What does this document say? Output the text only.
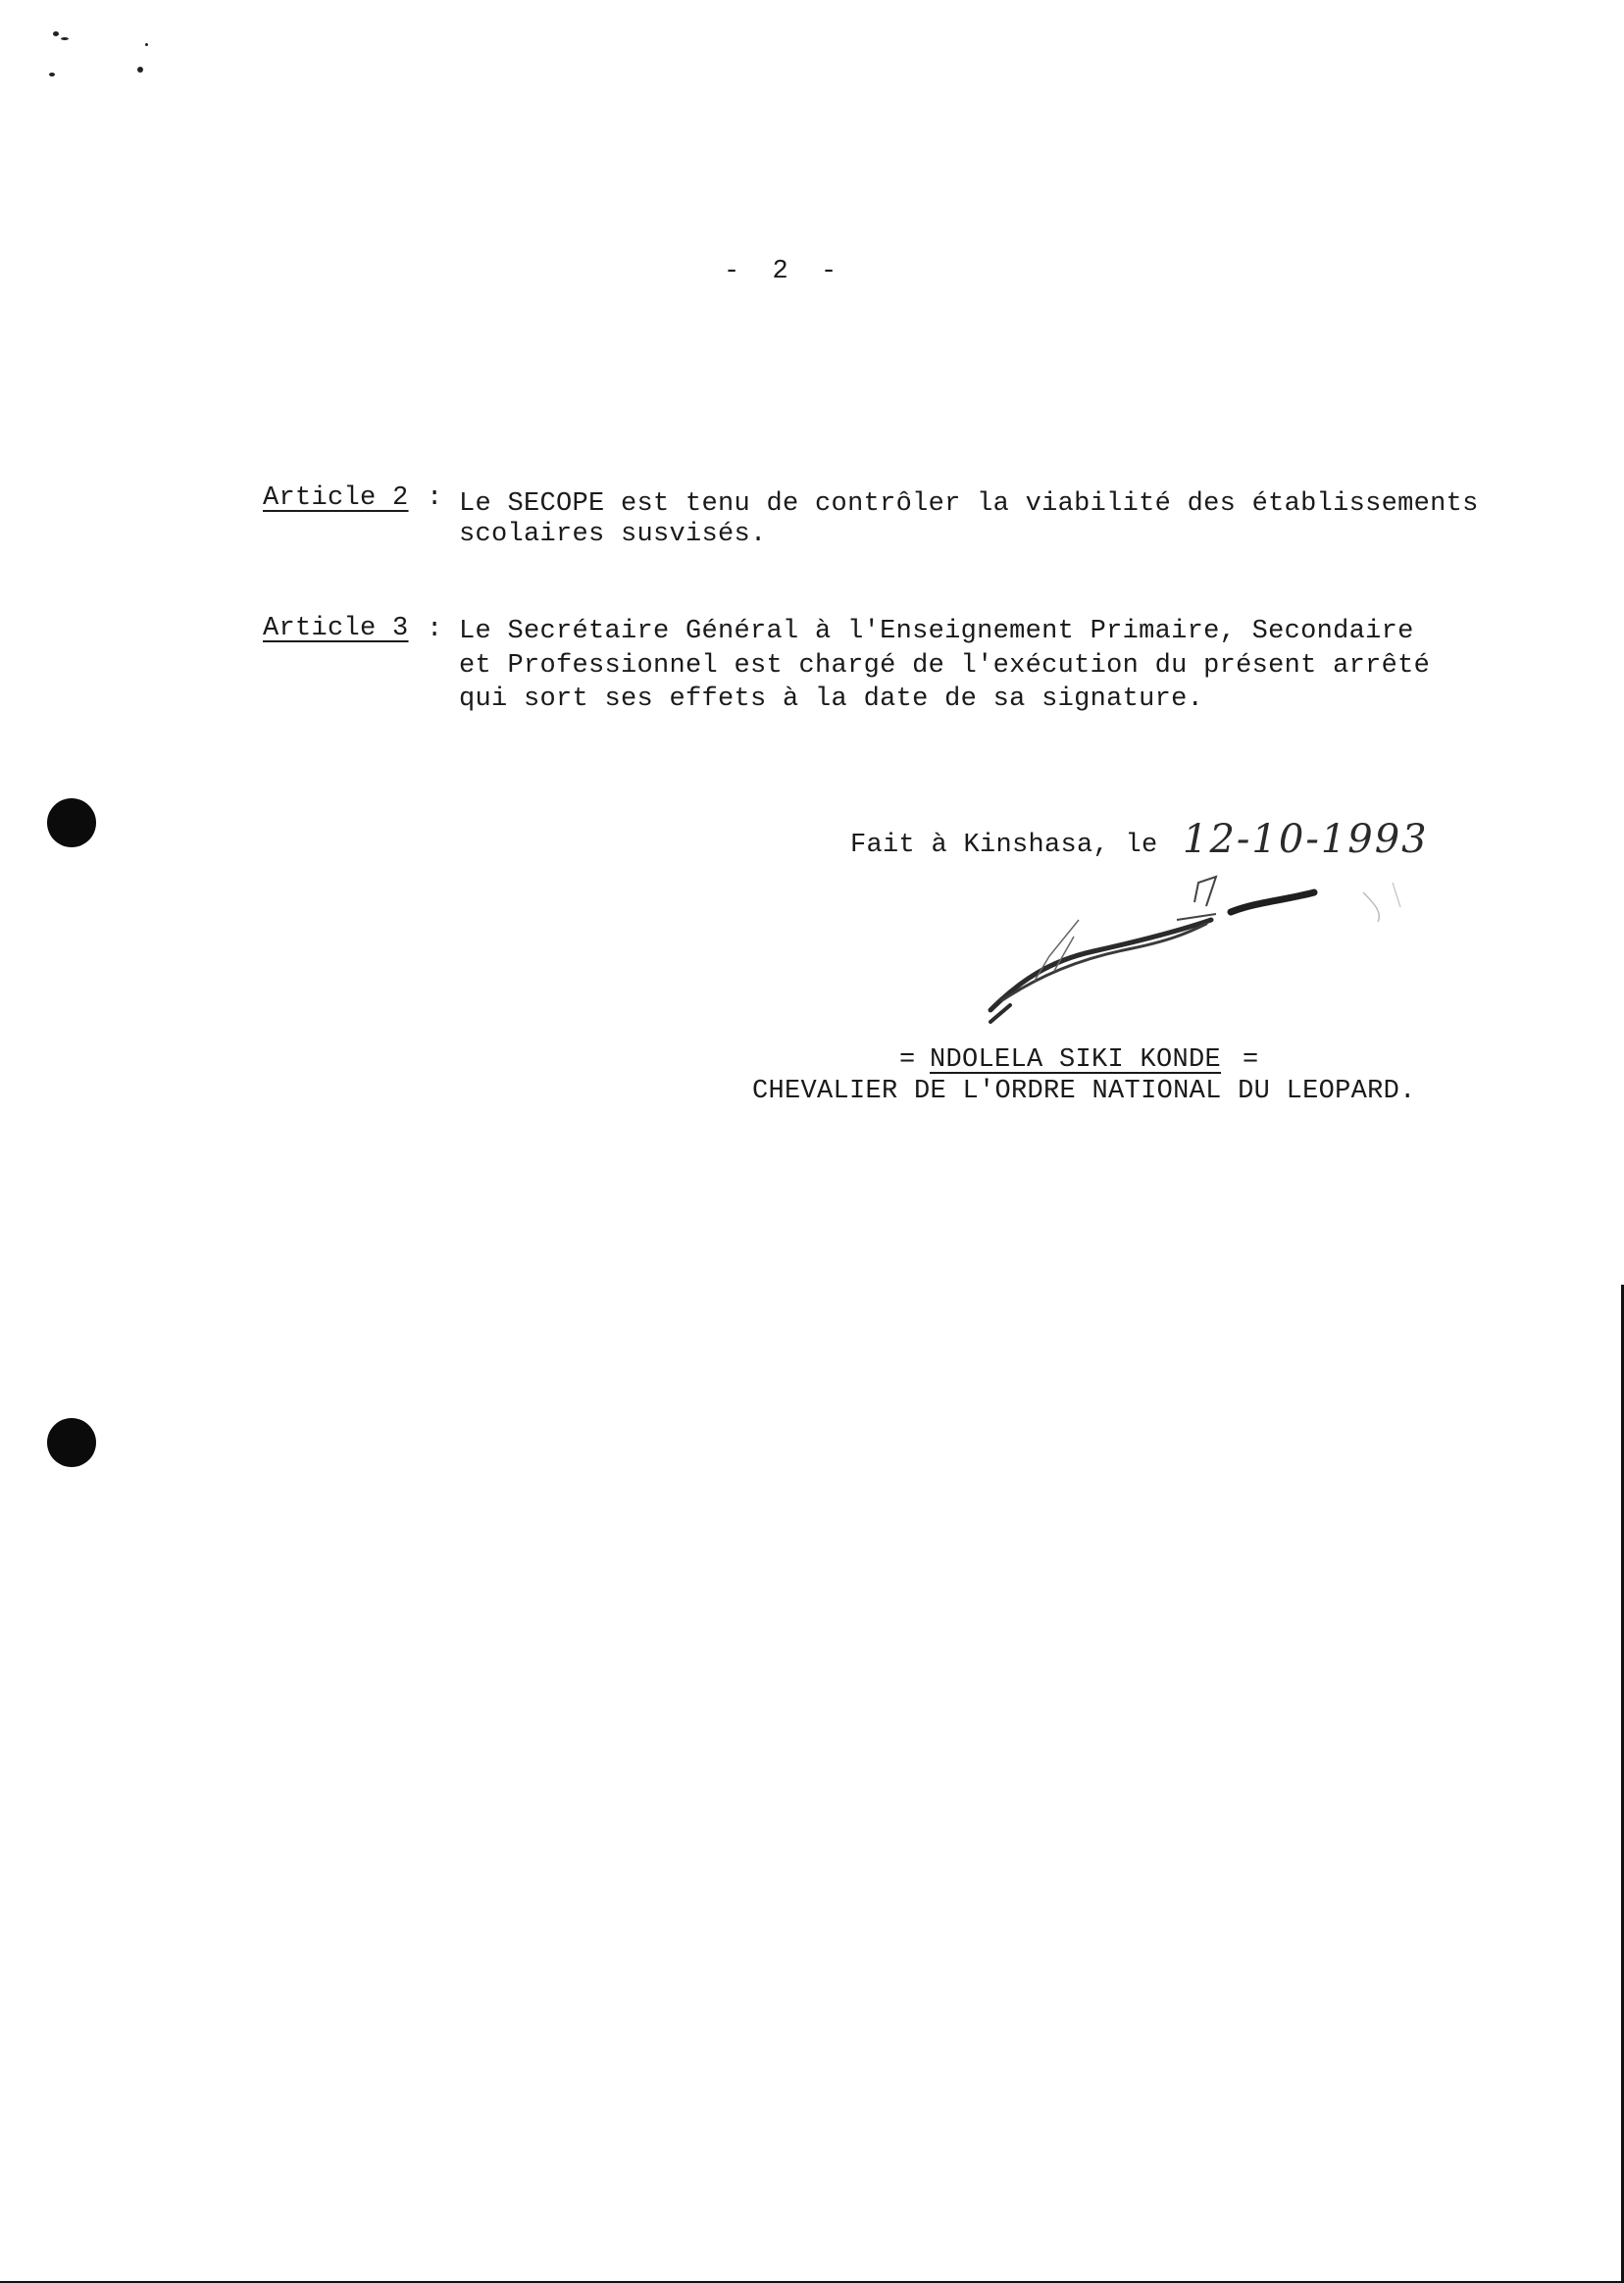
-  2  -
Article 2 : Le SECOPE est tenu de contrôler la viabilité des établissements
scolaires susvisés.
Article 3 : Le Secrétaire Général à l'Enseignement Primaire, Secondaire
et Professionnel est chargé de l'exécution du présent arrêté
qui sort ses effets à la date de sa signature.
Fait à Kinshasa, le 12-10-1993
= NDOLELA SIKI KONDE =
CHEVALIER DE L'ORDRE NATIONAL DU LEOPARD.
